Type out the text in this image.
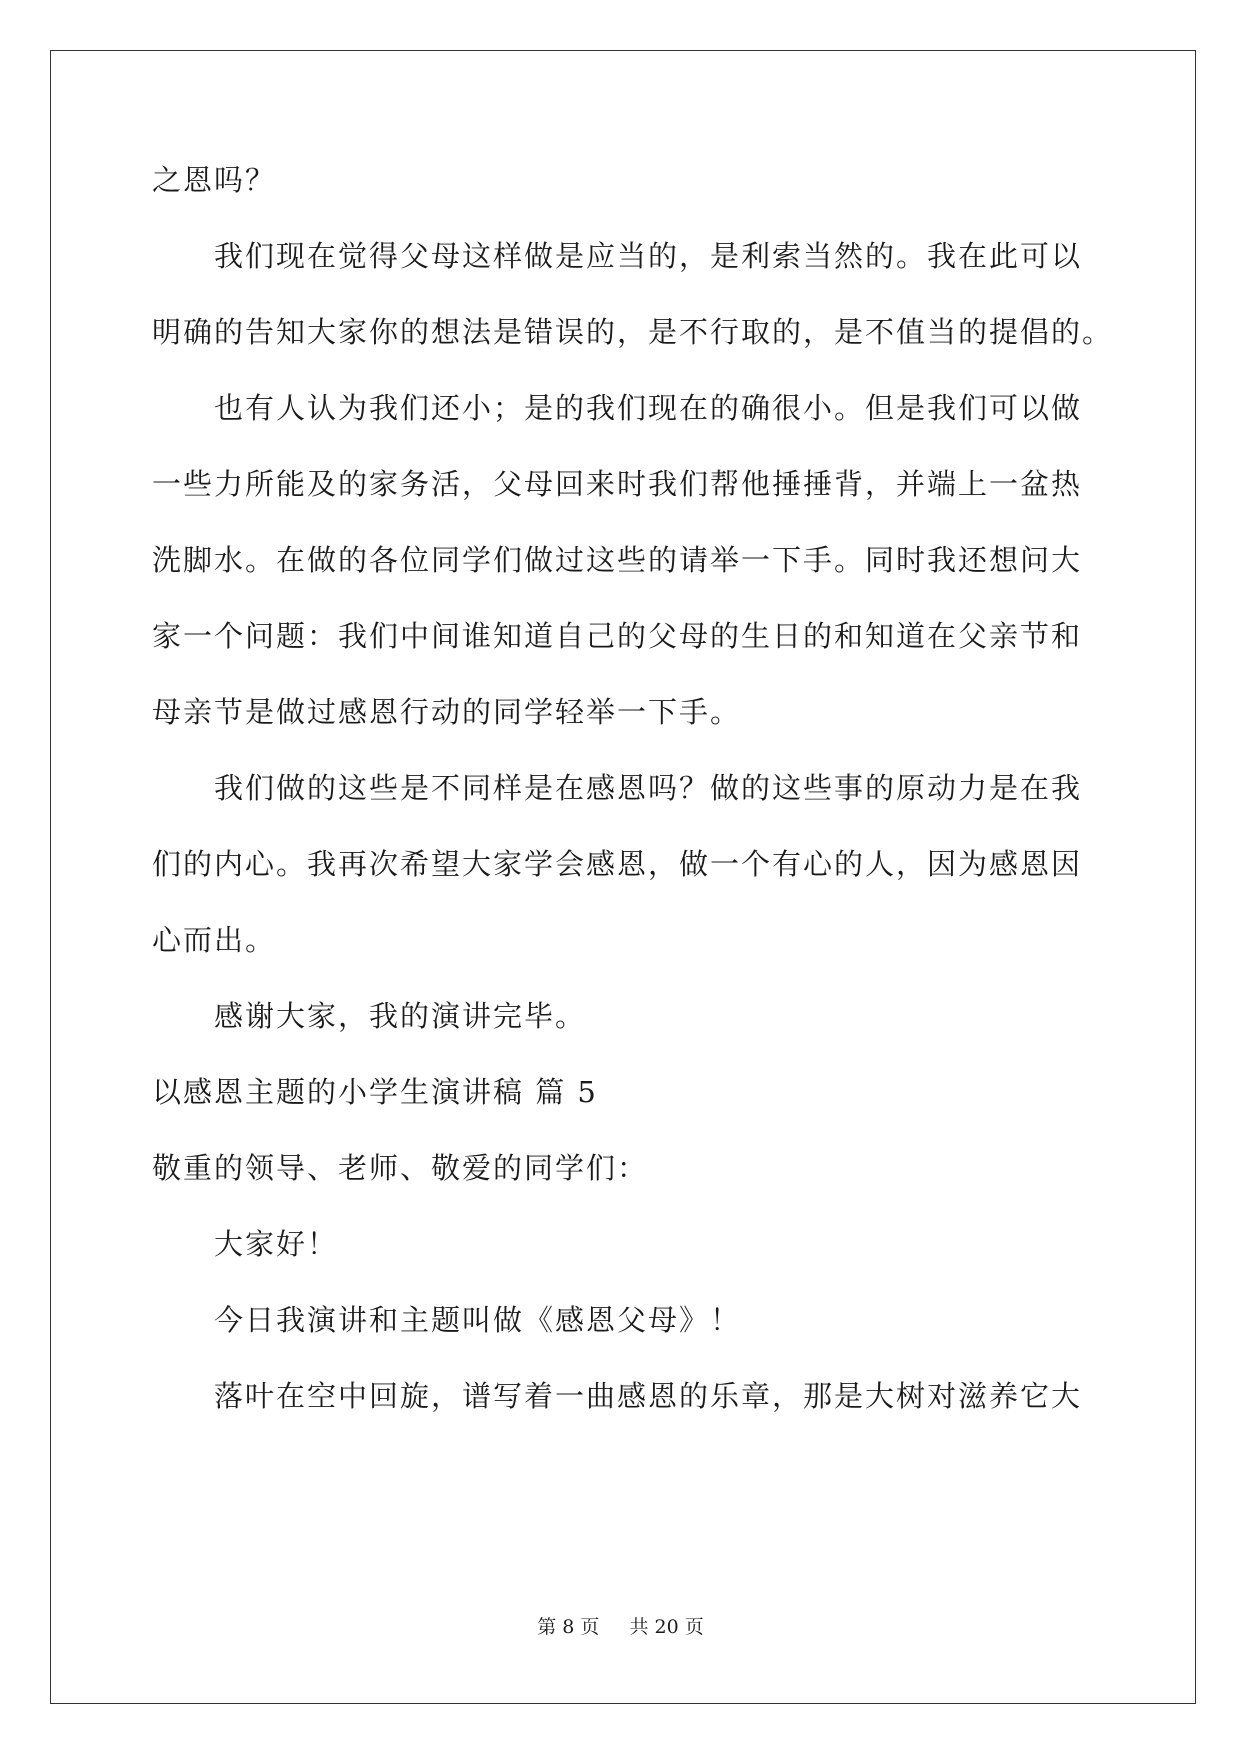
之恩吗？
我们现在觉得父母这样做是应当的，是利索当然的。我在此可以
明确的告知大家你的想法是错误的，是不行取的，是不值当的提倡的。
也有人认为我们还小；是的我们现在的确很小。但是我们可以做
一些力所能及的家务活，父母回来时我们帮他捶捶背，并端上一盆热
洗脚水。在做的各位同学们做过这些的请举一下手。同时我还想问大
家一个问题：我们中间谁知道自己的父母的生日的和知道在父亲节和
母亲节是做过感恩行动的同学轻举一下手。
我们做的这些是不同样是在感恩吗？做的这些事的原动力是在我
们的内心。我再次希望大家学会感恩，做一个有心的人，因为感恩因
心而出。
感谢大家，我的演讲完毕。
以感恩主题的小学生演讲稿 篇 5
敬重的领导、老师、敬爱的同学们：
大家好！
今日我演讲和主题叫做《感恩父母》！
落叶在空中回旋，谱写着一曲感恩的乐章，那是大树对滋养它大
第 8 页 共 20 页
